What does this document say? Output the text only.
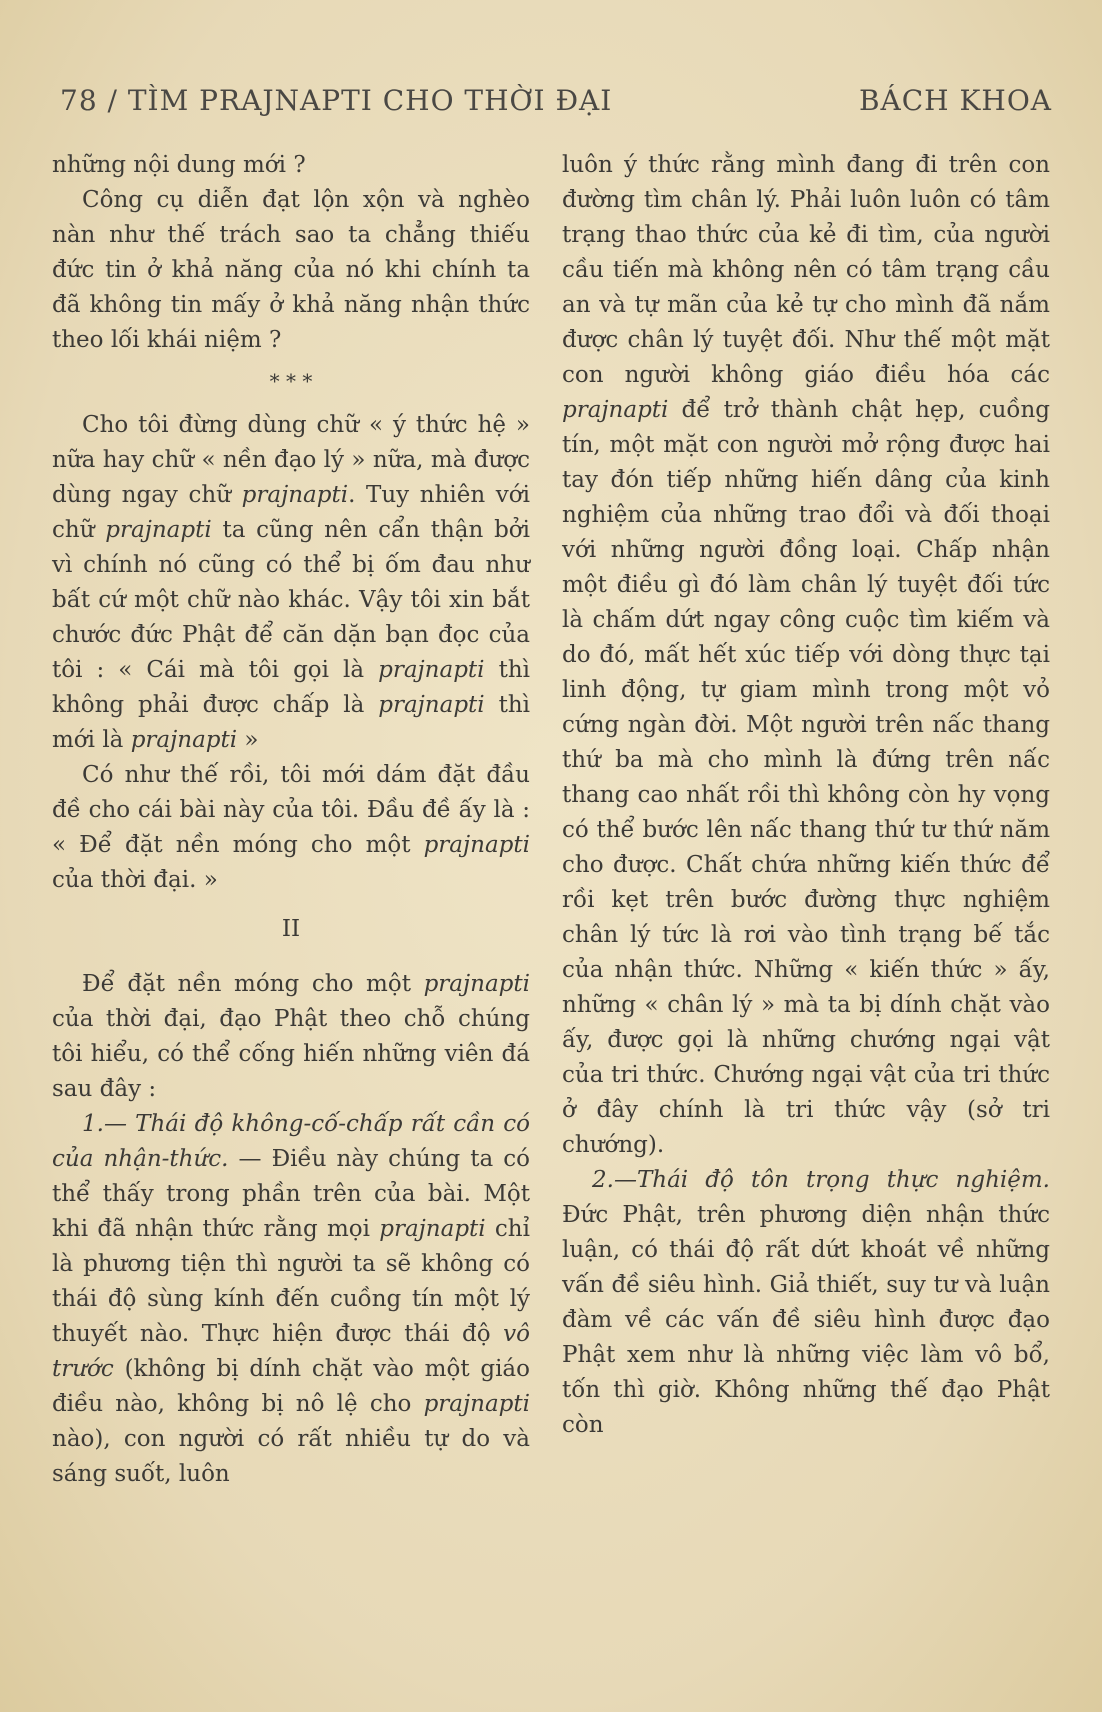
78 / TÌM PRAJNAPTI CHO THỜI ĐẠI	BÁCH KHOA

những nội dung mới ?

Công cụ diễn đạt lộn xộn và nghèo nàn như thế trách sao ta chẳng thiếu đức tin ở khả năng của nó khi chính ta đã không tin mấy ở khả năng nhận thức theo lối khái niệm ?

* * *

Cho tôi đừng dùng chữ « ý thức hệ » nữa hay chữ « nền đạo lý » nữa, mà được dùng ngay chữ prajnapti. Tuy nhiên với chữ prajnapti ta cũng nên cẩn thận bởi vì chính nó cũng có thể bị ốm đau như bất cứ một chữ nào khác. Vậy tôi xin bắt chước đức Phật để căn dặn bạn đọc của tôi : « Cái mà tôi gọi là prajnapti thì không phải được chấp là prajnapti thì mới là prajnapti »

Có như thế rồi, tôi mới dám đặt đầu đề cho cái bài này của tôi. Đầu đề ấy là : « Để đặt nền móng cho một prajnapti của thời đại. »

II

Để đặt nền móng cho một prajnapti của thời đại, đạo Phật theo chỗ chúng tôi hiểu, có thể cống hiến những viên đá sau đây :

1.— Thái độ không-cố-chấp rất cần có của nhận-thức. — Điều này chúng ta có thể thấy trong phần trên của bài. Một khi đã nhận thức rằng mọi prajnapti chỉ là phương tiện thì người ta sẽ không có thái độ sùng kính đến cuồng tín một lý thuyết nào. Thực hiện được thái độ vô trước (không bị dính chặt vào một giáo điều nào, không bị nô lệ cho prajnapti nào), con người có rất nhiều tự do và sáng suốt, luôn

luôn ý thức rằng mình đang đi trên con đường tìm chân lý. Phải luôn luôn có tâm trạng thao thức của kẻ đi tìm, của người cầu tiến mà không nên có tâm trạng cầu an và tự mãn của kẻ tự cho mình đã nắm được chân lý tuyệt đối. Như thế một mặt con người không giáo điều hóa các prajnapti để trở thành chật hẹp, cuồng tín, một mặt con người mở rộng được hai tay đón tiếp những hiến dâng của kinh nghiệm của những trao đổi và đối thoại với những người đồng loại. Chấp nhận một điều gì đó làm chân lý tuyệt đối tức là chấm dứt ngay công cuộc tìm kiếm và do đó, mất hết xúc tiếp với dòng thực tại linh động, tự giam mình trong một vỏ cứng ngàn đời. Một người trên nấc thang thứ ba mà cho mình là đứng trên nấc thang cao nhất rồi thì không còn hy vọng có thể bước lên nấc thang thứ tư thứ năm cho được. Chất chứa những kiến thức để rồi kẹt trên bước đường thực nghiệm chân lý tức là rơi vào tình trạng bế tắc của nhận thức. Những « kiến thức » ấy, những « chân lý » mà ta bị dính chặt vào ấy, được gọi là những chướng ngại vật của tri thức. Chướng ngại vật của tri thức ở đây chính là tri thức vậy (sở tri chướng).

2.—Thái độ tôn trọng thực nghiệm. Đức Phật, trên phương diện nhận thức luận, có thái độ rất dứt khoát về những vấn đề siêu hình. Giả thiết, suy tư và luận đàm về các vấn đề siêu hình được đạo Phật xem như là những việc làm vô bổ, tốn thì giờ. Không những thế đạo Phật còn
